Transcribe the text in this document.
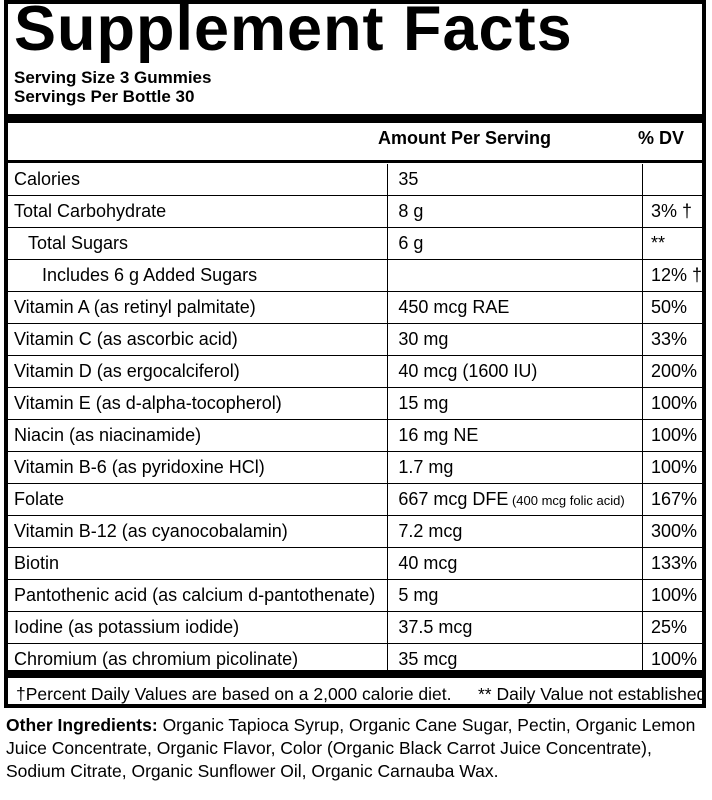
Supplement Facts
Serving Size 3 Gummies
Servings Per Bottle 30
Amount Per Serving	% DV
Calories	35	
Total Carbohydrate	8 g	3% †
Total Sugars	6 g	**
Includes 6 g Added Sugars		12% †
Vitamin A (as retinyl palmitate)	450 mcg RAE	50%
Vitamin C (as ascorbic acid)	30 mg	33%
Vitamin D (as ergocalciferol)	40 mcg (1600 IU)	200%
Vitamin E (as d-alpha-tocopherol)	15 mg	100%
Niacin (as niacinamide)	16 mg NE	100%
Vitamin B-6 (as pyridoxine HCl)	1.7 mg	100%
Folate	667 mcg DFE (400 mcg folic acid)	167%
Vitamin B-12 (as cyanocobalamin)	7.2 mcg	300%
Biotin	40 mcg	133%
Pantothenic acid (as calcium d-pantothenate)	5 mg	100%
Iodine (as potassium iodide)	37.5 mcg	25%
Chromium (as chromium picolinate)	35 mcg	100%
†Percent Daily Values are based on a 2,000 calorie diet. ** Daily Value not established
Other Ingredients: Organic Tapioca Syrup, Organic Cane Sugar, Pectin, Organic Lemon Juice Concentrate, Organic Flavor, Color (Organic Black Carrot Juice Concentrate), Sodium Citrate, Organic Sunflower Oil, Organic Carnauba Wax.
